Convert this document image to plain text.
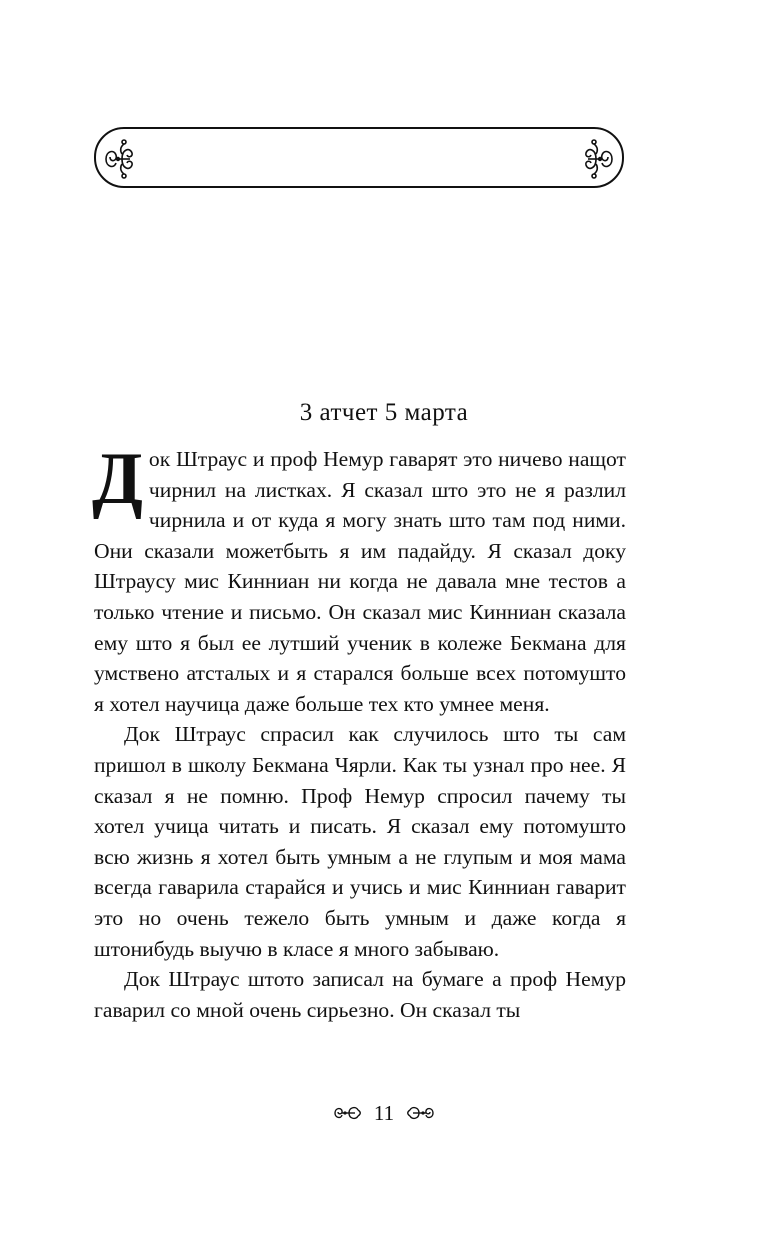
3 атчет 5 марта

Док Штраус и проф Немур гаварят это ничево нащот чирнил на листках. Я сказал што это не я разлил чирнила и от куда я могу знать што там под ними. Они сказали можетбыть я им падайду. Я сказал доку Штраусу мис Кинниан ни когда не давала мне тестов а только чтение и письмо. Он сказал мис Кинниан сказала ему што я был ее лутший ученик в колеже Бекмана для умствено атсталых и я старался больше всех потомушто я хотел научица даже больше тех кто умнее меня.

Док Штраус спрасил как случилось што ты сам пришол в школу Бекмана Чярли. Как ты узнал про нее. Я сказал я не помню. Проф Немур спросил пачему ты хотел учица читать и писать. Я сказал ему потомушто всю жизнь я хотел быть умным а не глупым и моя мама всегда гаварила старайся и учись и мис Кинниан гаварит это но очень тежело быть умным и даже когда я штонибудь выучю в класе я много забываю.

Док Штраус штото записал на бумаге а проф Немур гаварил со мной очень сирьезно. Он сказал ты

11
